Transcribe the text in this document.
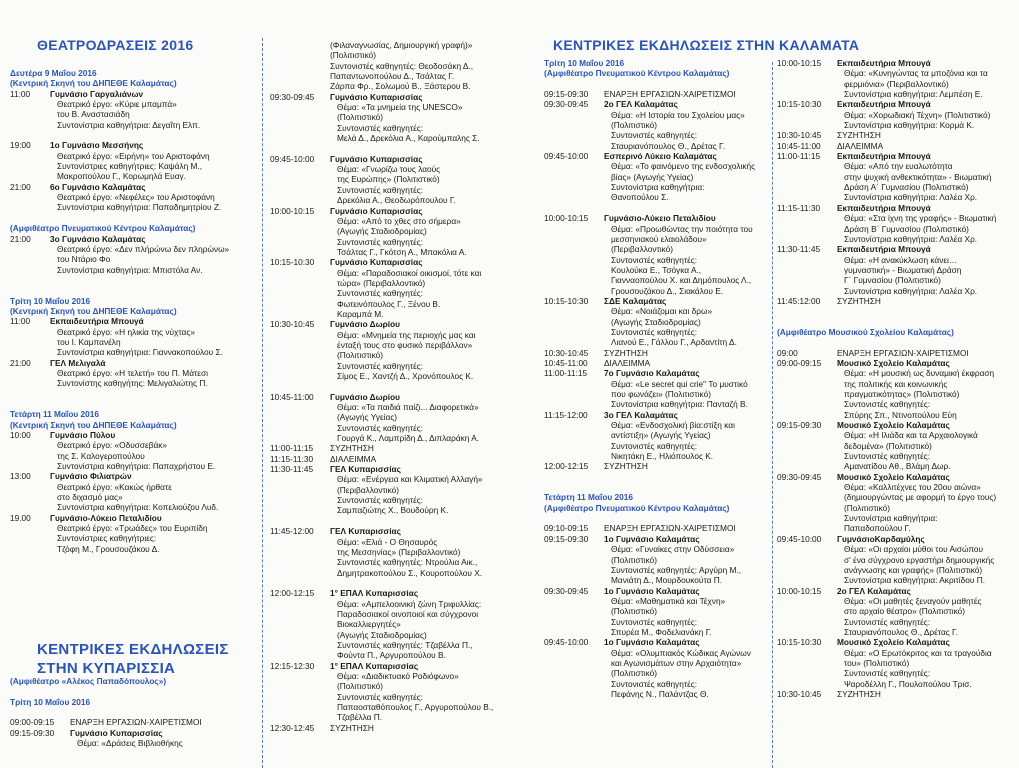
ΘΕΑΤΡΟΔΡΑΣΕΙΣ 2016
Δευτέρα 9 Μαΐου 2016
(Κεντρική Σκηνή του ΔΗΠΕΘΕ Καλαμάτας)
11:00	Γυμνάσιο Γαργαλιάνων
Θεατρικό έργο: «Κύριε μπαμπά»
του Β. Αναστασιάδη
Συντονίστρια καθηγήτρια: Δεγαΐτη Ελπ.
19:00	1ο Γυμνάσιο Μεσσήνης
Θεατρικό έργο: «Ειρήνη» του Αριστοφάνη
Συντονίστριες καθηγήτριες: Καψάλη Μ.,
Μακροπούλου Γ., Κορωμηλά Ευαγ.
21:00	6ο Γυμνάσιο Καλαμάτας
Θεατρικό έργο: «Νεφέλες» του Αριστοφάνη
Συντονίστρια καθηγήτρια: Παπαδημητρίου Ζ.
(Αμφιθέατρο Πνευματικού Κέντρου Καλαμάτας)
21:00	3ο Γυμνάσιο Καλαμάτας
Θεατρικό έργο: «Δεν πλήρώνω δεν πληρώνω»
του Ντάριο Φο
Συντονίστρια καθηγήτρια: Μπιστόλα Αν.
Τρίτη 10 Μαΐου 2016
(Κεντρική Σκηνή του ΔΗΠΕΘΕ Καλαμάτας)
11:00	Εκπαιδευτήρια Μπουγά
Θεατρικό έργο: «Η ηλικία της νύχτας»
του Ι. Καμπανέλη
Συντονίστρια καθηγήτρια: Γιαννακοπούλου Σ.
21:00	ΓΕΛ Μελιγαλά
Θεατρικό έργο: «Η τελετή» του Π. Μάτεσι
Συντονίστης καθηγήτης: Μελιγαλιώτης Π.
Τετάρτη 11 Μαΐου 2016
(Κεντρική Σκηνή του ΔΗΠΕΘΕ Καλαμάτας)
10:00	Γυμνάσιο Πύλου
Θεατρικό έργο: «Οδυσσεβάκ»
της Σ. Καλογεροπούλου
Συντονίστρια καθηγήτρια: Παπαχρήστου Ε.
13:00	Γυμνάσιο Φιλιατρών
Θεατρικό έργο: «Κακώς ήρθατε
στο διχασμό μας»
Συντονίστρια καθηγήτρια: Κοπελιούζου Λυδ.
19.00	Γυμνάσιο-Λύκειο Πεταλιδίου
Θεατρικό έργο: «Τρωάδες» του Ευριπίδη
Συντονίστριες καθηγήτριες:
Τζόφη Μ., Γρουσουζάκου Δ.
ΚΕΝΤΡΙΚΕΣ ΕΚΔΗΛΩΣΕΙΣ
ΣΤΗΝ ΚΥΠΑΡΙΣΣΙΑ
(Αμφιθέατρο «Αλέκος Παπαδόπουλος»)
Τρίτη 10 Μαΐου 2016
09:00-09:15	ΕΝΑΡΞΗ ΕΡΓΑΣΙΩΝ-ΧΑΙΡΕΤΙΣΜΟΙ
09:15-09:30	Γυμνάσιο Κυπαρισσίας
Θέμα: «Δράσεις Βιβλιοθήκης
(Φιλαναγνωσίας, Δημιουργική γραφή)»
(Πολιτιστικό)
Συντονιστές καθηγητές: Θεοδοσάκη Δ.,
Παπαντωνοπούλου Δ., Τσάλτας Γ.
Ζάρπα Φρ., Σολωμού Β., Ξάστερου Β.
09:30-09:45	Γυμνάσιο Κυπαρισσίας
Θέμα: «Τα μνημεία της UNESCO»
(Πολιτιστικό)
Συντονιστές καθηγητές:
Μελά Δ., Δρεκόλια Α., Καρούμπαλης Σ.
09:45-10:00	Γυμνάσιο Κυπαρισσίας
Θέμα: «Γνωρίζω τους λαούς
της Ευρώπης» (Πολιτιστικό)
Συντονιστές καθηγητές:
Δρεκόλια Α., Θεοδωρόπουλου Γ.
10:00-10:15	Γυμνάσιο Κυπαρισσίας
Θέμα: «Από το χθες στο σήμερα»
(Αγωγής Σταδιοδρομίας)
Συντονιστές καθηγητές:
Τσάλτας Γ., Γκότση Α., Μπακόλια Α.
10:15-10:30	Γυμνάσιο Κυπαρισσίας
Θέμα: «Παραδοσιακοί οικισμοί, τότε και
τώρα» (Περιβαλλοντικό)
Συντονιστές καθηγητές:
Φωτεινόπουλος Γ., Ξένου Β.
Καραμπά Μ.
10:30-10:45	Γυμνάσιο Δωρίου
Θέμα: «Μνημεία της περιοχής μας και
ένταξή τους στο φυσικό περιβάλλον»
(Πολιτιστικό)
Συντονιστές καθηγητές:
Σίμος Ε., Χαντζή Δ., Χρονόπουλος Κ.
10:45-11:00	Γυμνάσιο Δωρίου
Θέμα: «Τα παιδιά παίζι... Διαφορετικά»
(Αγωγής Υγείας)
Συντονιστές καθηγητές:
Γουργά Κ., Λαμπρίδη Δ., Διπλαράκη Α.
11:00-11:15	ΣΥΖΗΤΗΣΗ
11:15-11:30	ΔΙΑΛΕΙΜΜΑ
11:30-11:45	ΓΕΛ Κυπαρισσίας
Θέμα: «Ενέργεια και Κλιματική Αλλαγή»
(Περιβαλλοντικό)
Συντονιστές καθηγητές:
Σαμπαζιώτης Χ., Βουδούρη Κ.
11:45-12:00	ΓΕΛ Κυπαρισσίας
Θέμα: «Ελιά - Ο Θησαυρός
της Μεσσηνίας» (Περιβαλλοντικό)
Συντονιστές καθηγητές: Ντρούλια Αικ.,
Δημητρακοπούλου Σ., Κουροπούλου Χ.
12:00-12:15	1° ΕΠΑΛ Κυπαρισσίας
Θέμα: «Αμπελοοινική ζώνη Τριφυλλίας:
Παραδοσιακοί οινοποιοί και σύγχρονοι
Βιοκαλλιεργητές»
(Αγωγής Σταδιοδρομίας)
Συντονιστές καθηγητές: Τζαβέλλα Π.,
Φούντα Π., Αργυροπούλου Β.
12:15-12:30	1° ΕΠΑΛ Κυπαρισσίας
Θέμα: «Διαδικτυακό Ροδιόφωνο»
(Πολιτιστικό)
Συντονιστές καθηγητές:
Παπαοσταθόπουλος Γ., Αργυροπούλου Β.,
Τζαβέλλα Π.
12:30-12:45	ΣΥΖΗΤΗΣΗ
ΚΕΝΤΡΙΚΕΣ ΕΚΔΗΛΩΣΕΙΣ ΣΤΗΝ ΚΑΛΑΜΑΤΑ
Τρίτη 10 Μαΐου 2016
(Αμφιθέατρο Πνευματικού Κέντρου Καλαμάτας)
09:15-09:30	ΕΝΑΡΞΗ ΕΡΓΑΣΙΩΝ-ΧΑΙΡΕΤΙΣΜΟΙ
09:30-09:45	2ο ΓΕΛ Καλαμάτας
Θέμα: «Η Ιστορία του Σχολείου μας»
(Πολιτιστικό)
Συντονιστές καθηγητές:
Σταυριανόπουλος Θ., Δρέτας Γ.
09:45-10:00	Εσπερινό Λύκειο Καλαμάτας
Θέμα: «Το φαινόμενο της ενδοσχολικής
βίας» (Αγωγής Υγείας)
Συντονίστρια καθηγήτρια:
Θανοπούλου Σ.
10:00-10:15	Γυμνάσιο-Λύκειο Πεταλιδίου
Θέμα: «Προωθώντας την ποιότητα του
μεσσηνιακού ελαιολάδου»
(Περιβαλλοντικό)
Συντονιστές καθηγητές:
Κουλούκα Ε., Τσόγκα Α.,
Γιανναοπούλου Χ. και Δημόπουλος Λ.,
Γρουσουζάκου Δ., Σιακάλου Ε.
10:15-10:30	ΣΔΕ Καλαμάτας
Θέμα: «Νοιάζομαι και δρω»
(Αγωγής Σταδιοδρομίας)
Συντονιστές καθηγητές:
Λιανού Ε., Γάλλου Γ., Αρδαντίτη Δ.
10:30-10:45	ΣΥΖΗΤΗΣΗ
10:45-11:00	ΔΙΑΛΕΙΜΜΑ
11:00-11:15	7ο Γυμνάσιο Καλαμάτας
Θέμα: «Le secret qui crie" Το μυστικό
που φωνάζει» (Πολιτιστικό)
Συντονίστρια καθηγήτρια: Πανταζή Β.
11:15-12:00	3ο ΓΕΛ Καλαμάτας
Θέμα: «Ενδοσχολική βία:στίξη και
αντίστιξη» (Αγωγής Υγείας)
Συντονιστές καθηγητές:
Νικητάκη Ε., Ηλιόπουλος Κ.
12:00-12:15	ΣΥΖΗΤΗΣΗ
Τετάρτη 11 Μαΐου 2016
(Αμφιθέατρο Πνευματικού Κέντρου Καλαμάτας)
09:10-09:15	ΕΝΑΡΞΗ ΕΡΓΑΣΙΩΝ-ΧΑΙΡΕΤΙΣΜΟΙ
09:15-09:30	1ο Γυμνάσιο Καλαμάτας
Θέμα: «Γυναίκες στην Οδύσσεια»
(Πολιτιστικό)
Συντονιστές καθηγητές: Αργύρη Μ.,
Μανιάτη Δ., Μουρδουκούτα Π.
09:30-09:45	1ο Γυμνάσιο Καλαμάτας
Θέμα: «Μαθηματικά και Τέχνη»
(Πολιτιστικό)
Συντονιστές καθηγητές:
Σπυρέα Μ., Φοδελιανάκη Γ.
09:45-10:00	1ο Γυμνάσιο Καλαμάτας
Θέμα: «Ολυμπιακός Κώδικας Αγώνων
και Αγωνισμάτων στην Αρχαιότητα»
(Πολιτιστικό)
Συντονιστές καθηγητές:
Πεφάνης Ν., Παλάντζας Θ.
10:00-10:15	Εκπαιδευτήρια Μπουγά
Θέμα: «Κυνηγώντας τα μποζόνια και τα
φερμιόνια» (Περιβαλλοντικό)
Συντονίστρια καθηγήτρια: Λεμπέση Ε.
10:15-10:30	Εκπαιδευτήρια Μπουγά
Θέμα: «Χορωδιακή Τέχνη» (Πολιτιστικό)
Συντονίστρια καθηγήτρια: Κορμά Κ.
10:30-10:45	ΣΥΖΗΤΗΣΗ
10:45-11:00	ΔΙΑΛΕΙΜΜΑ
11:00-11:15	Εκπαιδευτήρια Μπουγά
Θέμα: «Από την ευαλωτότητα
στην ψυχική ανθεκτικότητα» - Βιωματική
Δράση Α΄ Γυμνασίου (Πολιτιστικό)
Συντονίστρια καθηγήτρια: Λαλέα Χρ.
11:15-11:30	Εκπαιδευτήρια Μπουγά
Θέμα: «Στα ίχνη της γραφής» - Βιωματική
Δράση Β΄ Γυμνασίου (Πολιτιστικό)
Συντονίστρια καθηγήτρια: Λαλέα Χρ.
11:30-11:45	Εκπαιδευτήρια Μπουγά
Θέμα: «Η ανακύκλωση κάνει…
γυμναστική» - Βιωματική Δράση
Γ΄ Γυμνασίου (Πολιτιστικό)
Συντονίστρια καθηγήτρια: Λαλέα Χρ.
11:45:12:00	ΣΥΖΗΤΗΣΗ
(Αμφιθέατρο Μουσικού Σχολείου Καλαμάτας)
09:00	ΕΝΑΡΞΗ ΕΡΓΑΣΙΩΝ-ΧΑΙΡΕΤΙΣΜΟΙ
09:00-09:15	Μουσικό Σχολείο Καλαμάτας
Θέμα: «Η μουσική ως δυναμική έκφραση
της πολιτικής και κοινωνικής
πραγματικότητας» (Πολιτιστικό)
Συντονιστές καθηγητές:
Σπύρης Σπ., Ντινοπούλου Εύη
09:15-09:30	Μουσικό Σχολείο Καλαμάτας
Θέμα: «Η Ιλιάδα και τα Αρχαιολογικά
δεδομένα» (Πολιτιστικό)
Συντονιστές καθηγητές:
Αμανατίδου Αθ., Βλάμη Δωρ.
09:30-09:45	Μουσικό Σχολείο Καλαμάτας
Θέμα: «Καλλιτέχνες του 20ου αιώνα»
(δημιουργώντας με αφορμή το έργο τους)
(Πολιτιστικό)
Συντονίστρια καθηγήτρια:
Παπαδοπούλου Γ.
09:45-10:00	ΓυμνάσιοΚαρδαμύλης
Θέμα: «Οι αρχαίοι μύθοι του Αισώπου
σ' ένα σύγχρονο εργαστήρι δημιουργικής
ανάγνωσης και γραφής» (Πολιτιστικό)
Συντονίστρια καθηγήτρια: Ακριτίδου Π.
10:00-10:15	2ο ΓΕΛ Καλαμάτας
Θέμα: «Οι μαθητές ξεναγούν μαθητές
στο αρχαίο θέατρο» (Πολιτιστικό)
Συντονιστές καθηγητές:
Σταυριανόπουλος Θ., Δρέτας Γ.
10:15-10:30	Μουσικό Σχολείο Καλαμάτας
Θέμα: «Ο Ερωτόκριτος και τα τραγούδια
του» (Πολιτιστικό)
Συντονιστές καθηγητές:
Ψαροδέλλη Γ., Πουλοπούλου Τρισ.
10:30-10:45	ΣΥΖΗΤΗΣΗ
